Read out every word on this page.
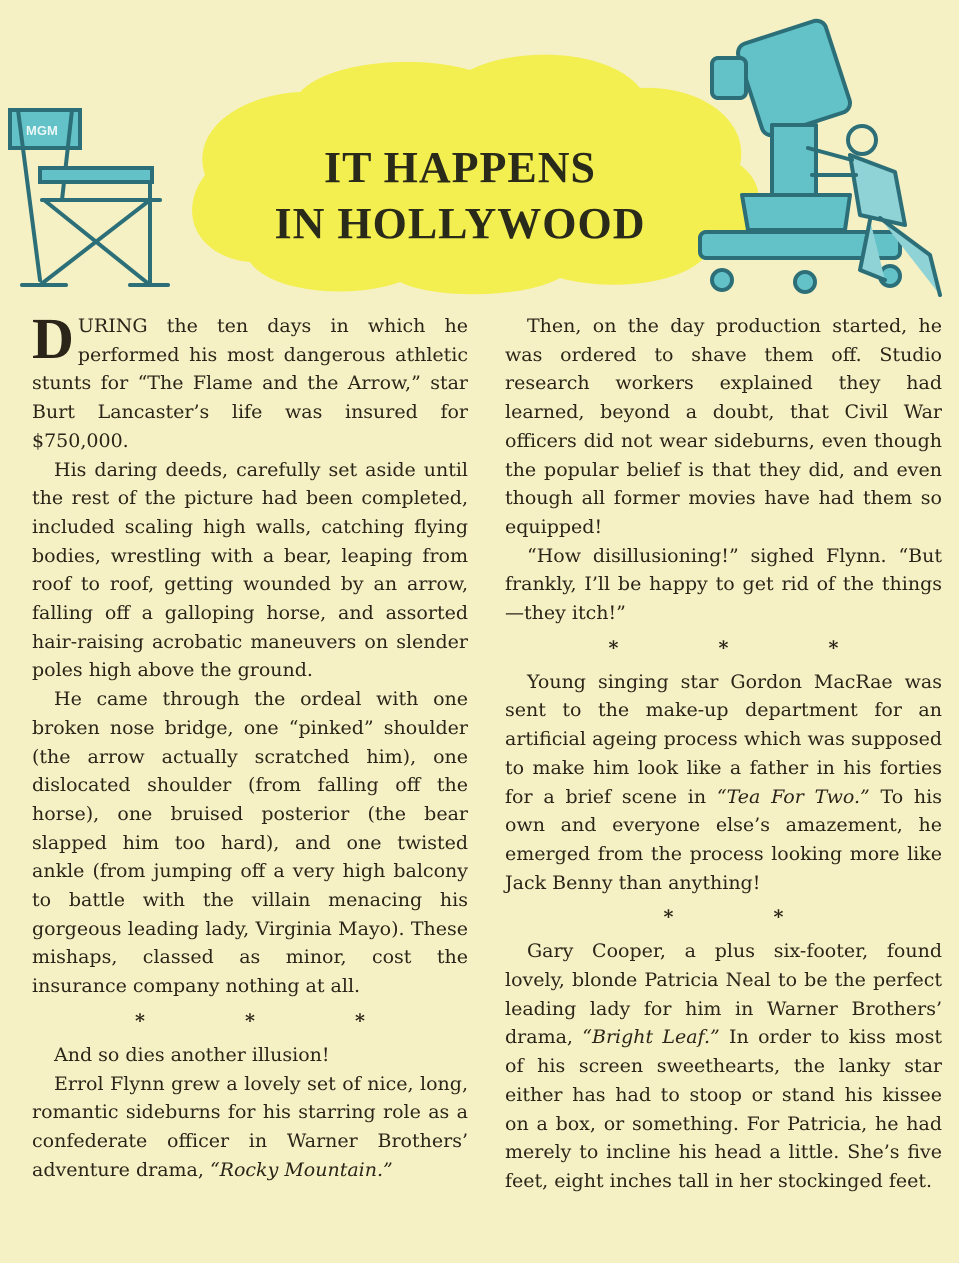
MGM
IT HAPPENS
IN HOLLYWOOD

DURING the ten days in which he performed his most dangerous athletic stunts for “The Flame and the Arrow,” star Burt Lancaster’s life was insured for $750,000.

His daring deeds, carefully set aside until the rest of the picture had been completed, included scaling high walls, catching flying bodies, wrestling with a bear, leaping from roof to roof, getting wounded by an arrow, falling off a galloping horse, and assorted hair-raising acrobatic maneuvers on slender poles high above the ground.

He came through the ordeal with one broken nose bridge, one “pinked” shoulder (the arrow actually scratched him), one dislocated shoulder (from falling off the horse), one bruised posterior (the bear slapped him too hard), and one twisted ankle (from jumping off a very high balcony to battle with the villain menacing his gorgeous leading lady, Virginia Mayo). These mishaps, classed as minor, cost the insurance company nothing at all.

*	*	*

And so dies another illusion!

Errol Flynn grew a lovely set of nice, long, romantic sideburns for his starring role as a confederate officer in Warner Brothers’ adventure drama, “Rocky Mountain.”

Then, on the day production started, he was ordered to shave them off. Studio research workers explained they had learned, beyond a doubt, that Civil War officers did not wear sideburns, even though the popular belief is that they did, and even though all former movies have had them so equipped!

“How disillusioning!” sighed Flynn. “But frankly, I’ll be happy to get rid of the things—they itch!”

*	*	*

Young singing star Gordon MacRae was sent to the make-up department for an artificial ageing process which was supposed to make him look like a father in his forties for a brief scene in “Tea For Two.” To his own and everyone else’s amazement, he emerged from the process looking more like Jack Benny than anything!

*	*

Gary Cooper, a plus six-footer, found lovely, blonde Patricia Neal to be the perfect leading lady for him in Warner Brothers’ drama, “Bright Leaf.” In order to kiss most of his screen sweethearts, the lanky star either has had to stoop or stand his kissee on a box, or something. For Patricia, he had merely to incline his head a little. She’s five feet, eight inches tall in her stockinged feet.
